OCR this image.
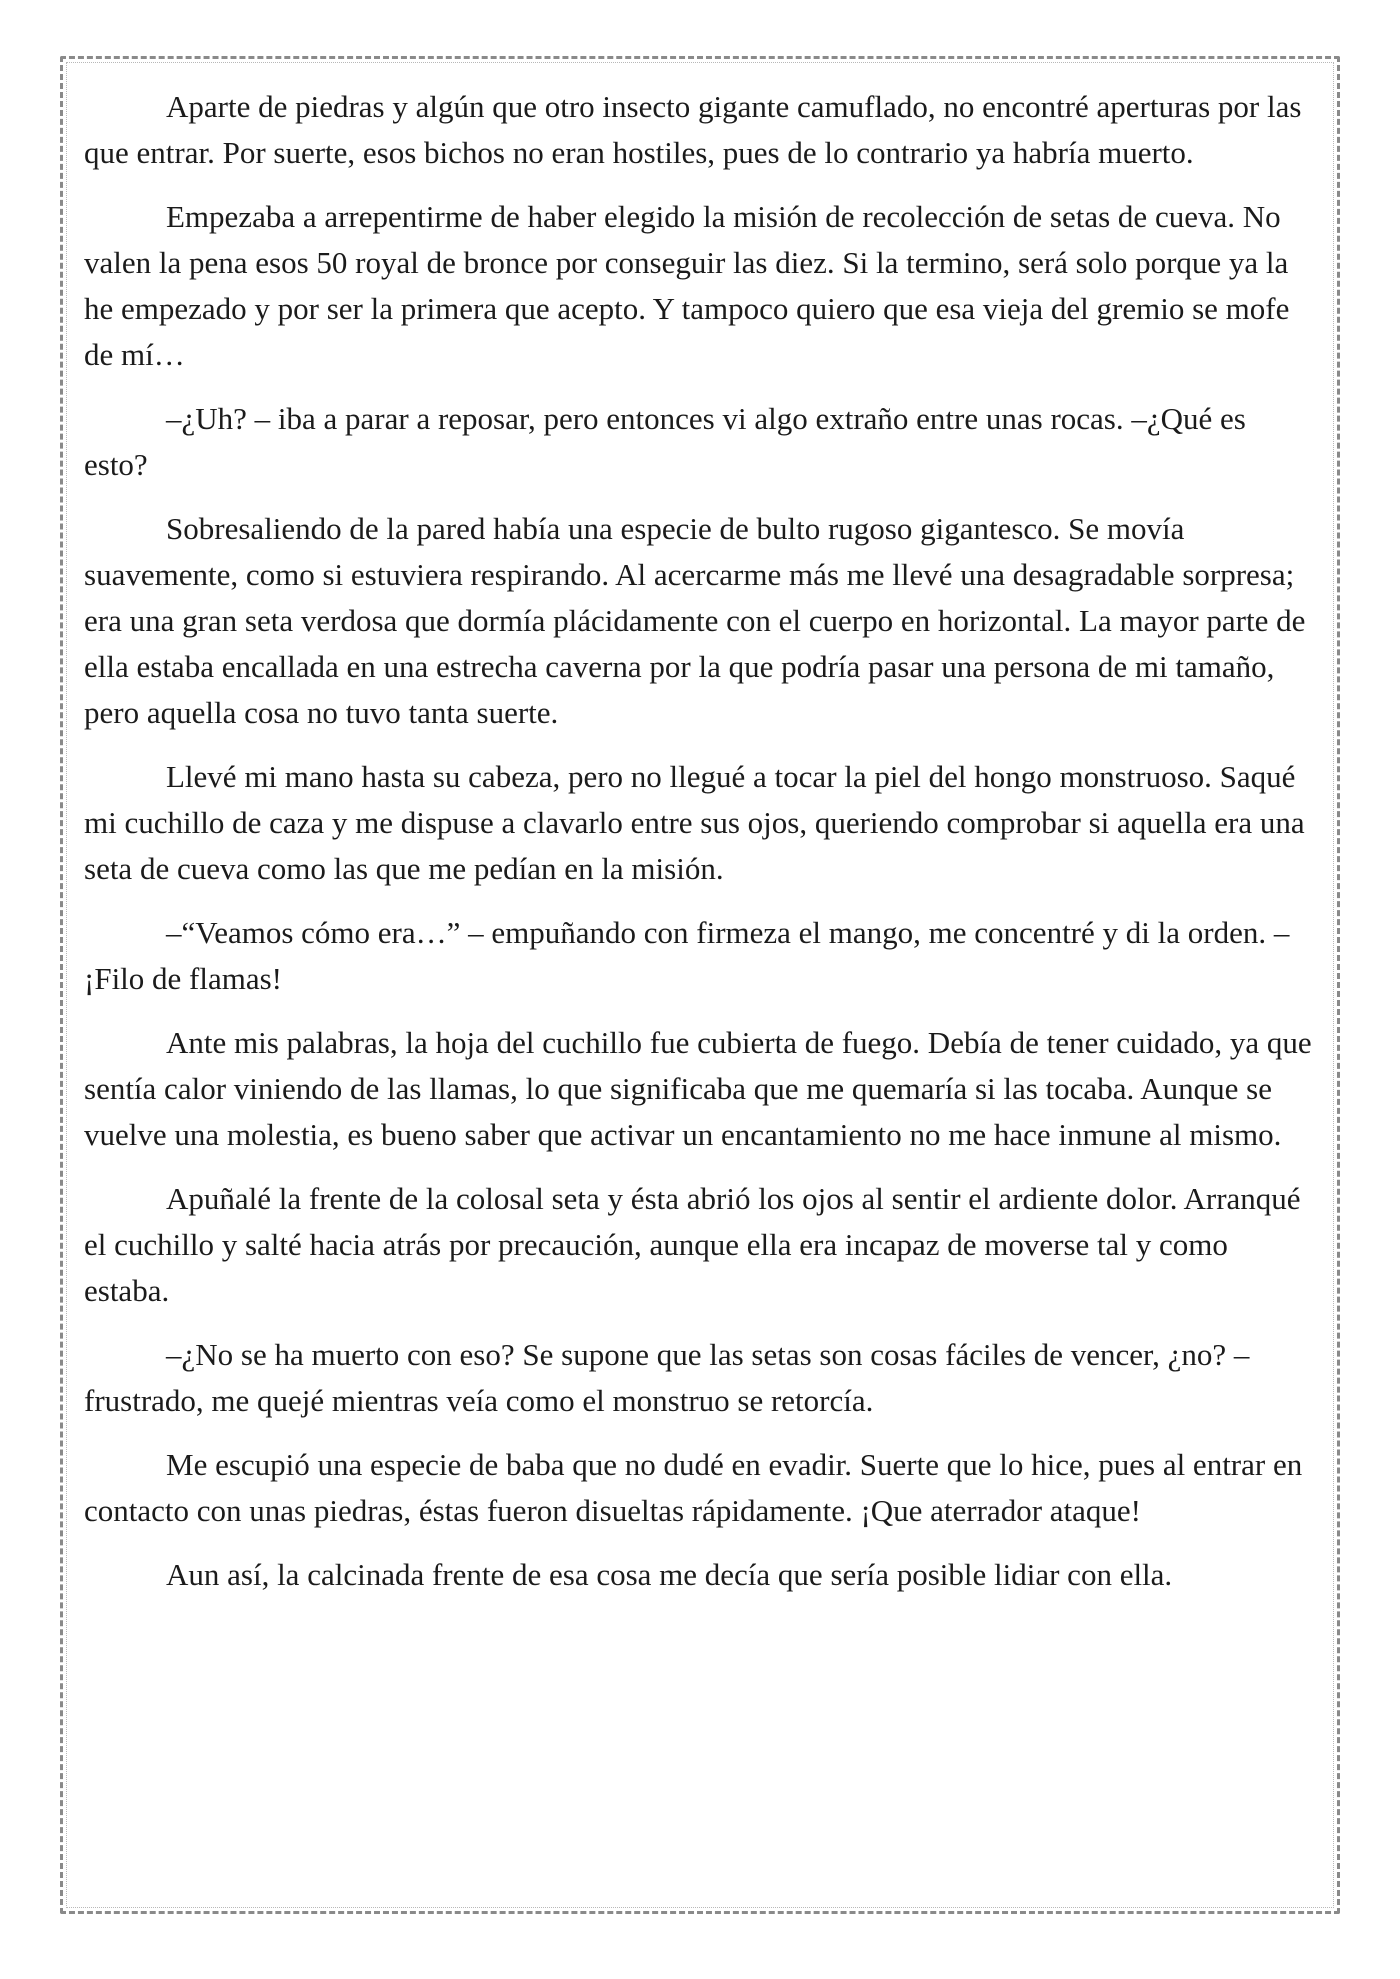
Aparte de piedras y algún que otro insecto gigante camuflado, no encontré aperturas por las que entrar. Por suerte, esos bichos no eran hostiles, pues de lo contrario ya habría muerto.

Empezaba a arrepentirme de haber elegido la misión de recolección de setas de cueva. No valen la pena esos 50 royal de bronce por conseguir las diez. Si la termino, será solo porque ya la he empezado y por ser la primera que acepto. Y tampoco quiero que esa vieja del gremio se mofe de mí…

–¿Uh? – iba a parar a reposar, pero entonces vi algo extraño entre unas rocas. –¿Qué es esto?

Sobresaliendo de la pared había una especie de bulto rugoso gigantesco. Se movía suavemente, como si estuviera respirando. Al acercarme más me llevé una desagradable sorpresa; era una gran seta verdosa que dormía plácidamente con el cuerpo en horizontal. La mayor parte de ella estaba encallada en una estrecha caverna por la que podría pasar una persona de mi tamaño, pero aquella cosa no tuvo tanta suerte.

Llevé mi mano hasta su cabeza, pero no llegué a tocar la piel del hongo monstruoso. Saqué mi cuchillo de caza y me dispuse a clavarlo entre sus ojos, queriendo comprobar si aquella era una seta de cueva como las que me pedían en la misión.

–“Veamos cómo era…” – empuñando con firmeza el mango, me concentré y di la orden. –¡Filo de flamas!

Ante mis palabras, la hoja del cuchillo fue cubierta de fuego. Debía de tener cuidado, ya que sentía calor viniendo de las llamas, lo que significaba que me quemaría si las tocaba. Aunque se vuelve una molestia, es bueno saber que activar un encantamiento no me hace inmune al mismo.

Apuñalé la frente de la colosal seta y ésta abrió los ojos al sentir el ardiente dolor. Arranqué el cuchillo y salté hacia atrás por precaución, aunque ella era incapaz de moverse tal y como estaba.

–¿No se ha muerto con eso? Se supone que las setas son cosas fáciles de vencer, ¿no? – frustrado, me quejé mientras veía como el monstruo se retorcía.

Me escupió una especie de baba que no dudé en evadir. Suerte que lo hice, pues al entrar en contacto con unas piedras, éstas fueron disueltas rápidamente. ¡Que aterrador ataque!

Aun así, la calcinada frente de esa cosa me decía que sería posible lidiar con ella.
